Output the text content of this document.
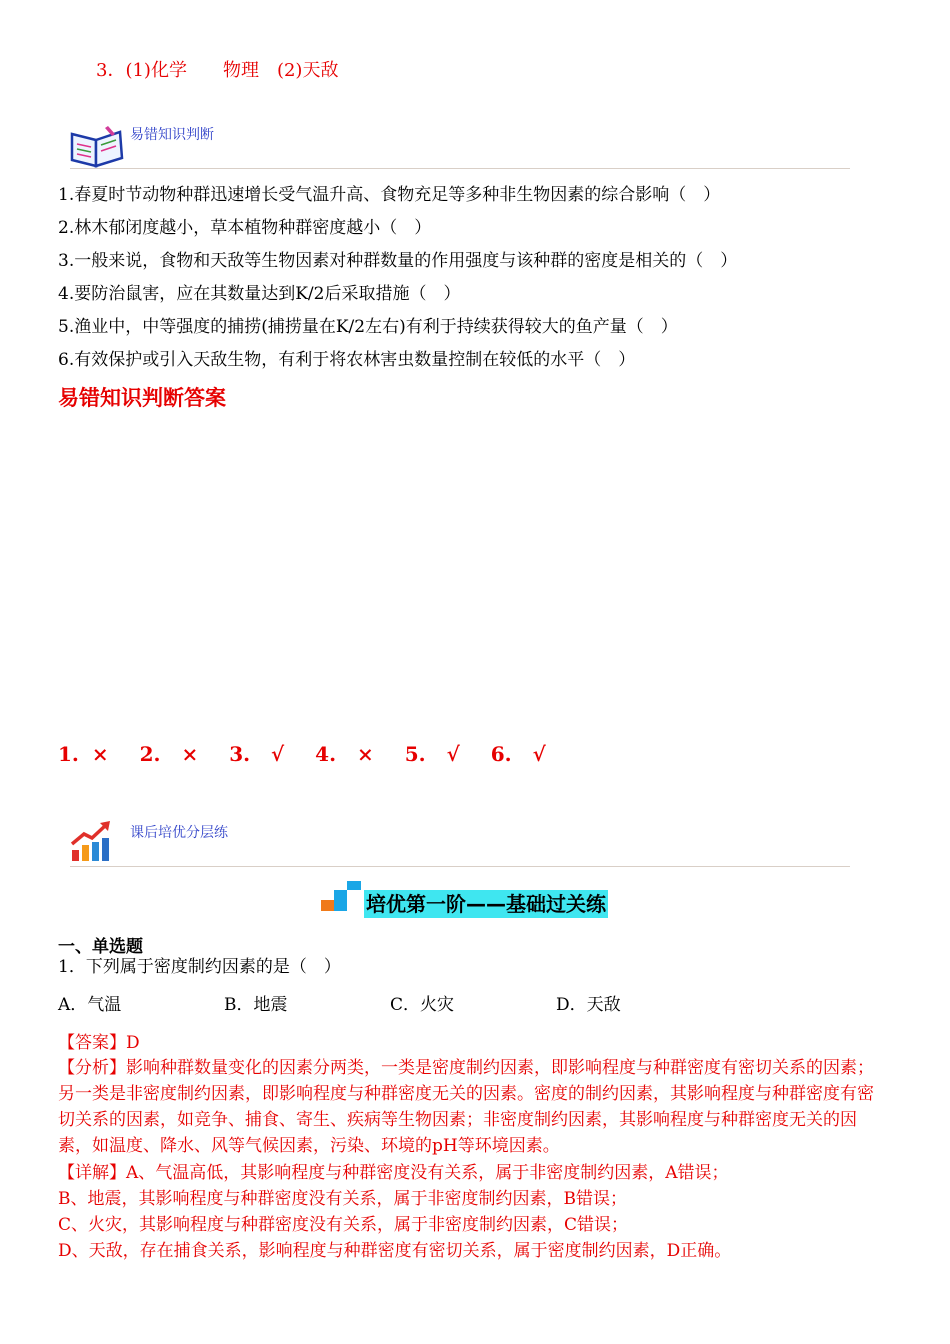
3．(1)化学　　物理　(2)天敌
易错知识判断
1.春夏时节动物种群迅速增长受气温升高、食物充足等多种非生物因素的综合影响（　）
2.林木郁闭度越小，草本植物种群密度越小（　）
3.一般来说，食物和天敌等生物因素对种群数量的作用强度与该种群的密度是相关的（　）
4.要防治鼠害，应在其数量达到K/2后采取措施（　）
5.渔业中，中等强度的捕捞(捕捞量在K/2左右)有利于持续获得较大的鱼产量（　）
6.有效保护或引入天敌生物，有利于将农林害虫数量控制在较低的水平（　）
易错知识判断答案
1. × 2. × 3. √ 4. × 5. √ 6. √
课后培优分层练
培优第一阶——基础过关练
一、单选题
1．下列属于密度制约因素的是（　）
A．气温	B．地震	C．火灾	D．天敌
【答案】D
【分析】影响种群数量变化的因素分两类，一类是密度制约因素，即影响程度与种群密度有密切关系的因素；另一类是非密度制约因素，即影响程度与种群密度无关的因素。密度的制约因素，其影响程度与种群密度有密切关系的因素，如竞争、捕食、寄生、疾病等生物因素；非密度制约因素，其影响程度与种群密度无关的因素，如温度、降水、风等气候因素，污染、环境的pH等环境因素。
【详解】A、气温高低，其影响程度与种群密度没有关系，属于非密度制约因素，A错误；
B、地震，其影响程度与种群密度没有关系，属于非密度制约因素，B错误；
C、火灾，其影响程度与种群密度没有关系，属于非密度制约因素，C错误；
D、天敌，存在捕食关系，影响程度与种群密度有密切关系，属于密度制约因素，D正确。
